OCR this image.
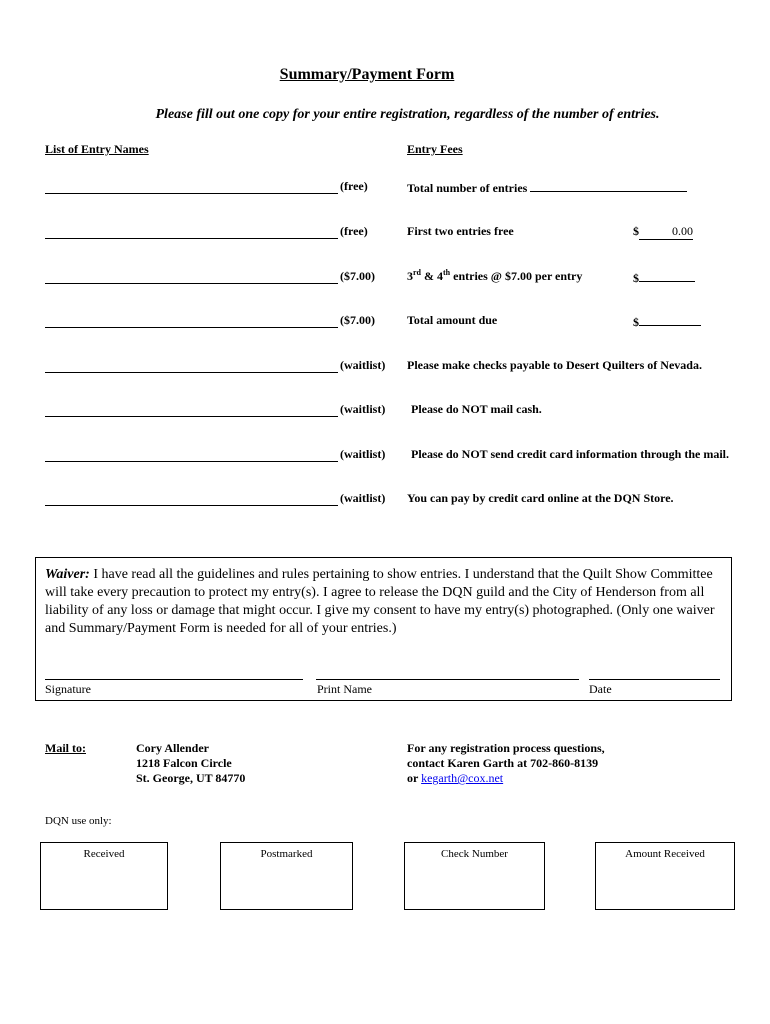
Summary/Payment Form
Please fill out one copy for your entire registration, regardless of the number of entries.
List of Entry Names	Entry Fees
(free)
(free)
($7.00)
($7.00)
(waitlist)
(waitlist)
(waitlist)
(waitlist)
Total number of entries
First two entries free	$	0.00
3rd & 4th entries @ $7.00 per entry	$
Total amount due	$
Please make checks payable to Desert Quilters of Nevada.
Please do NOT mail cash.
Please do NOT send credit card information through the mail.
You can pay by credit card online at the DQN Store.
Waiver: I have read all the guidelines and rules pertaining to show entries. I understand that the Quilt Show Committee will take every precaution to protect my entry(s). I agree to release the DQN guild and the City of Henderson from all liability of any loss or damage that might occur. I give my consent to have my entry(s) photographed. (Only one waiver and Summary/Payment Form is needed for all of your entries.)
Signature	Print Name	Date
Mail to:	Cory Allender
1218 Falcon Circle
St. George, UT 84770
For any registration process questions,
contact Karen Garth at 702-860-8139
or kegarth@cox.net
DQN use only:
Received	Postmarked	Check Number	Amount Received
